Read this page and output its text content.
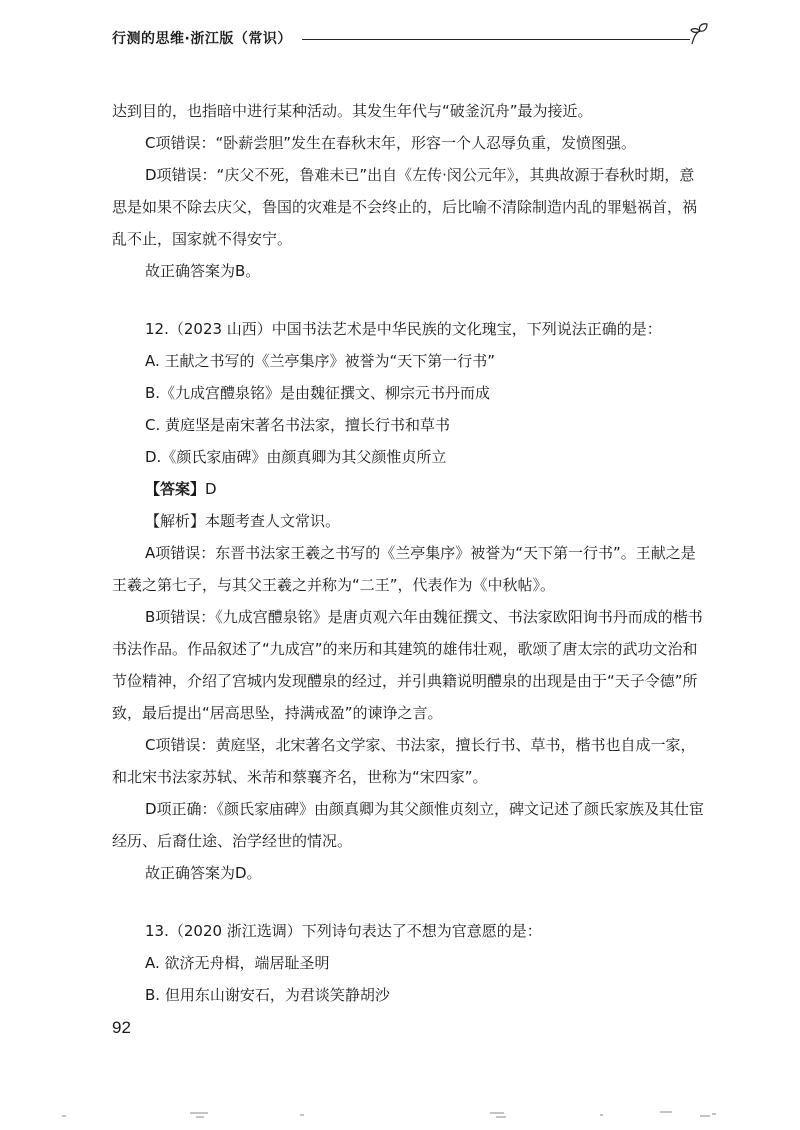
行测的思维·浙江版（常识）

达到目的，也指暗中进行某种活动。其发生年代与“破釜沉舟”最为接近。

C项错误：“卧薪尝胆”发生在春秋末年，形容一个人忍辱负重，发愤图强。

D项错误：“庆父不死，鲁难未已”出自《左传·闵公元年》，其典故源于春秋时期，意思是如果不除去庆父，鲁国的灾难是不会终止的，后比喻不清除制造内乱的罪魁祸首，祸乱不止，国家就不得安宁。

故正确答案为B。

12.（2023 山西）中国书法艺术是中华民族的文化瑰宝，下列说法正确的是：

A. 王献之书写的《兰亭集序》被誉为“天下第一行书”

B.《九成宫醴泉铭》是由魏征撰文、柳宗元书丹而成

C. 黄庭坚是南宋著名书法家，擅长行书和草书

D.《颜氏家庙碑》由颜真卿为其父颜惟贞所立

【答案】D

【解析】本题考查人文常识。

A项错误：东晋书法家王羲之书写的《兰亭集序》被誉为“天下第一行书”。王献之是王羲之第七子，与其父王羲之并称为“二王”，代表作为《中秋帖》。

B项错误：《九成宫醴泉铭》是唐贞观六年由魏征撰文、书法家欧阳询书丹而成的楷书书法作品。作品叙述了“九成宫”的来历和其建筑的雄伟壮观，歌颂了唐太宗的武功文治和节俭精神，介绍了宫城内发现醴泉的经过，并引典籍说明醴泉的出现是由于“天子令德”所致，最后提出“居高思坠，持满戒盈”的谏诤之言。

C项错误：黄庭坚，北宋著名文学家、书法家，擅长行书、草书，楷书也自成一家，和北宋书法家苏轼、米芾和蔡襄齐名，世称为“宋四家”。

D项正确：《颜氏家庙碑》由颜真卿为其父颜惟贞刻立，碑文记述了颜氏家族及其仕宦经历、后裔仕途、治学经世的情况。

故正确答案为D。

13.（2020 浙江选调）下列诗句表达了不想为官意愿的是：

A. 欲济无舟楫，端居耻圣明

B. 但用东山谢安石，为君谈笑静胡沙

92
